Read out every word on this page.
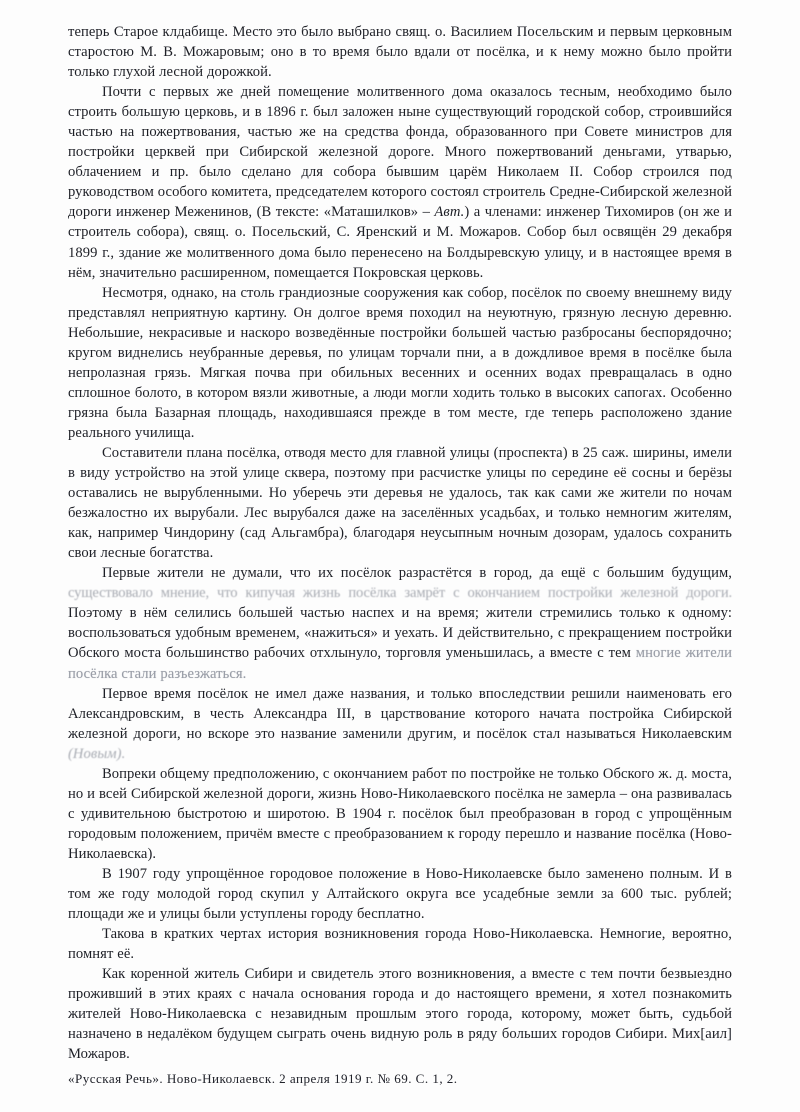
теперь Старое клдабище. Место это было выбрано свящ. о. Василием Посельским и первым церковным старостою М. В. Можаровым; оно в то время было вдали от посёлка, и к нему можно было пройти только глухой лесной дорожкой.

Почти с первых же дней помещение молитвенного дома оказалось тесным, необходимо было строить большую церковь, и в 1896 г. был заложен ныне существующий городской собор, строившийся частью на пожертвования, частью же на средства фонда, образованного при Совете министров для постройки церквей при Сибирской железной дороге. Много пожертвований деньгами, утварью, облачением и пр. было сделано для собора бывшим царём Николаем II. Собор строился под руководством особого комитета, председателем которого состоял строитель Средне-Сибирской железной дороги инженер Меженинов, (В тексте: «Маташилков» – Авт.) а членами: инженер Тихомиров (он же и строитель собора), свящ. о. Посельский, С. Яренский и М. Можаров. Собор был освящён 29 декабря 1899 г., здание же молитвенного дома было перенесено на Болдыревскую улицу, и в настоящее время в нём, значительно расширенном, помещается Покровская церковь.

Несмотря, однако, на столь грандиозные сооружения как собор, посёлок по своему внешнему виду представлял неприятную картину. Он долгое время походил на неуютную, грязную лесную деревню. Небольшие, некрасивые и наскоро возведённые постройки большей частью разбросаны беспорядочно; кругом виднелись неубранные деревья, по улицам торчали пни, а в дождливое время в посёлке была непролазная грязь. Мягкая почва при обильных весенних и осенних водах превращалась в одно сплошное болото, в котором вязли животные, а люди могли ходить только в высоких сапогах. Особенно грязна была Базарная площадь, находившаяся прежде в том месте, где теперь расположено здание реального училища.

Составители плана посёлка, отводя место для главной улицы (проспекта) в 25 саж. ширины, имели в виду устройство на этой улице сквера, поэтому при расчистке улицы по середине её сосны и берёзы оставались не вырубленными. Но уберечь эти деревья не удалось, так как сами же жители по ночам безжалостно их вырубали. Лес вырубался даже на заселённых усадьбах, и только немногим жителям, как, например Чиндорину (сад Альгамбра), благодаря неусыпным ночным дозорам, удалось сохранить свои лесные богатства.

Первые жители не думали, что их посёлок разрастётся в город, да ещё с большим будущим, существовало мнение, что кипучая жизнь посёлка замрёт с окончанием постройки железной дороги. Поэтому в нём селились большей частью наспех и на время; жители стремились только к одному: воспользоваться удобным временем, «нажиться» и уехать. И действительно, с прекращением постройки Обского моста большинство рабочих отхлынуло, торговля уменьшилась, а вместе с тем многие жители посёлка стали разъезжаться.

Первое время посёлок не имел даже названия, и только впоследствии решили наименовать его Александровским, в честь Александра III, в царствование которого начата постройка Сибирской железной дороги, но вскоре это название заменили другим, и посёлок стал называться Николаевским (Новым).

Вопреки общему предположению, с окончанием работ по постройке не только Обского ж. д. моста, но и всей Сибирской железной дороги, жизнь Ново-Николаевского посёлка не замерла – она развивалась с удивительною быстротою и широтою. В 1904 г. посёлок был преобразован в город с упрощённым городовым положением, причём вместе с преобразованием к городу перешло и название посёлка (Ново-Николаевска).

В 1907 году упрощённое городовое положение в Ново-Николаевске было заменено полным. И в том же году молодой город скупил у Алтайского округа все усадебные земли за 600 тыс. рублей; площади же и улицы были уступлены городу бесплатно.

Такова в кратких чертах история возникновения города Ново-Николаевска. Немногие, вероятно, помнят её.

Как коренной житель Сибири и свидетель этого возникновения, а вместе с тем почти безвыездно проживший в этих краях с начала основания города и до настоящего времени, я хотел познакомить жителей Ново-Николаевска с незавидным прошлым этого города, которому, может быть, судьбой назначено в недалёком будущем сыграть очень видную роль в ряду больших городов Сибири. Мих[аил] Можаров.

«Русская Речь». Ново-Николаевск. 2 апреля 1919 г. № 69. С. 1, 2.
